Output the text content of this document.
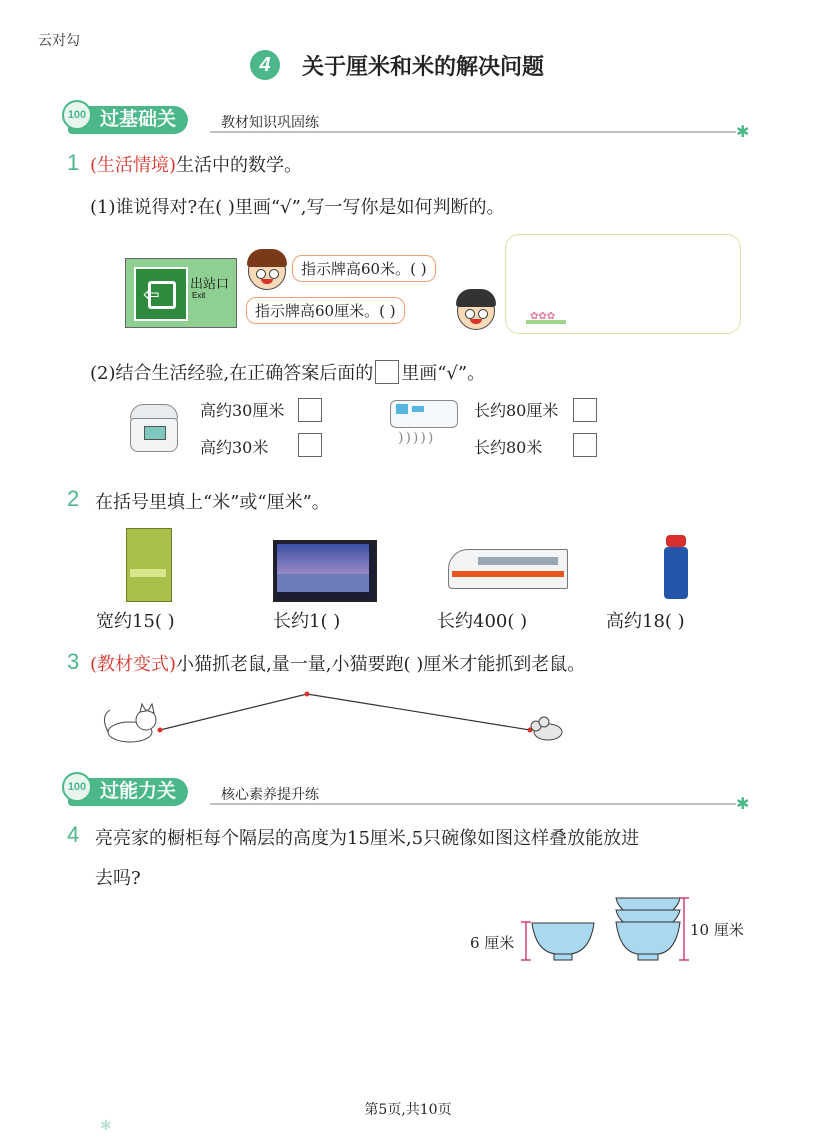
云对勾
4	关于厘米和米的解决问题
过基础关
100	教材知识巩固练	✱
1 (生活情境)生活中的数学。
(1)谁说得对?在( )里画“√”,写一写你是如何判断的。
⇦ 出站口
Exit
指示牌高60米。( )
指示牌高60厘米。( )	✿✿✿
(2)结合生活经验,在正确答案后面的 里画“√”。
高约30厘米
高约30米	)))))
长约80厘米
长约80米
2 在括号里填上“米”或“厘米”。
宽约15( )	长约1( )	长约400( )	高约18( )
3 (教材变式)小猫抓老鼠,量一量,小猫要跑( )厘米才能抓到老鼠。
过能力关
100	核心素养提升练	✱
4 亮亮家的橱柜每个隔层的高度为15厘米,5只碗像如图这样叠放能放进
去吗?
6 厘米
10 厘米
第5页,共10页
✱
